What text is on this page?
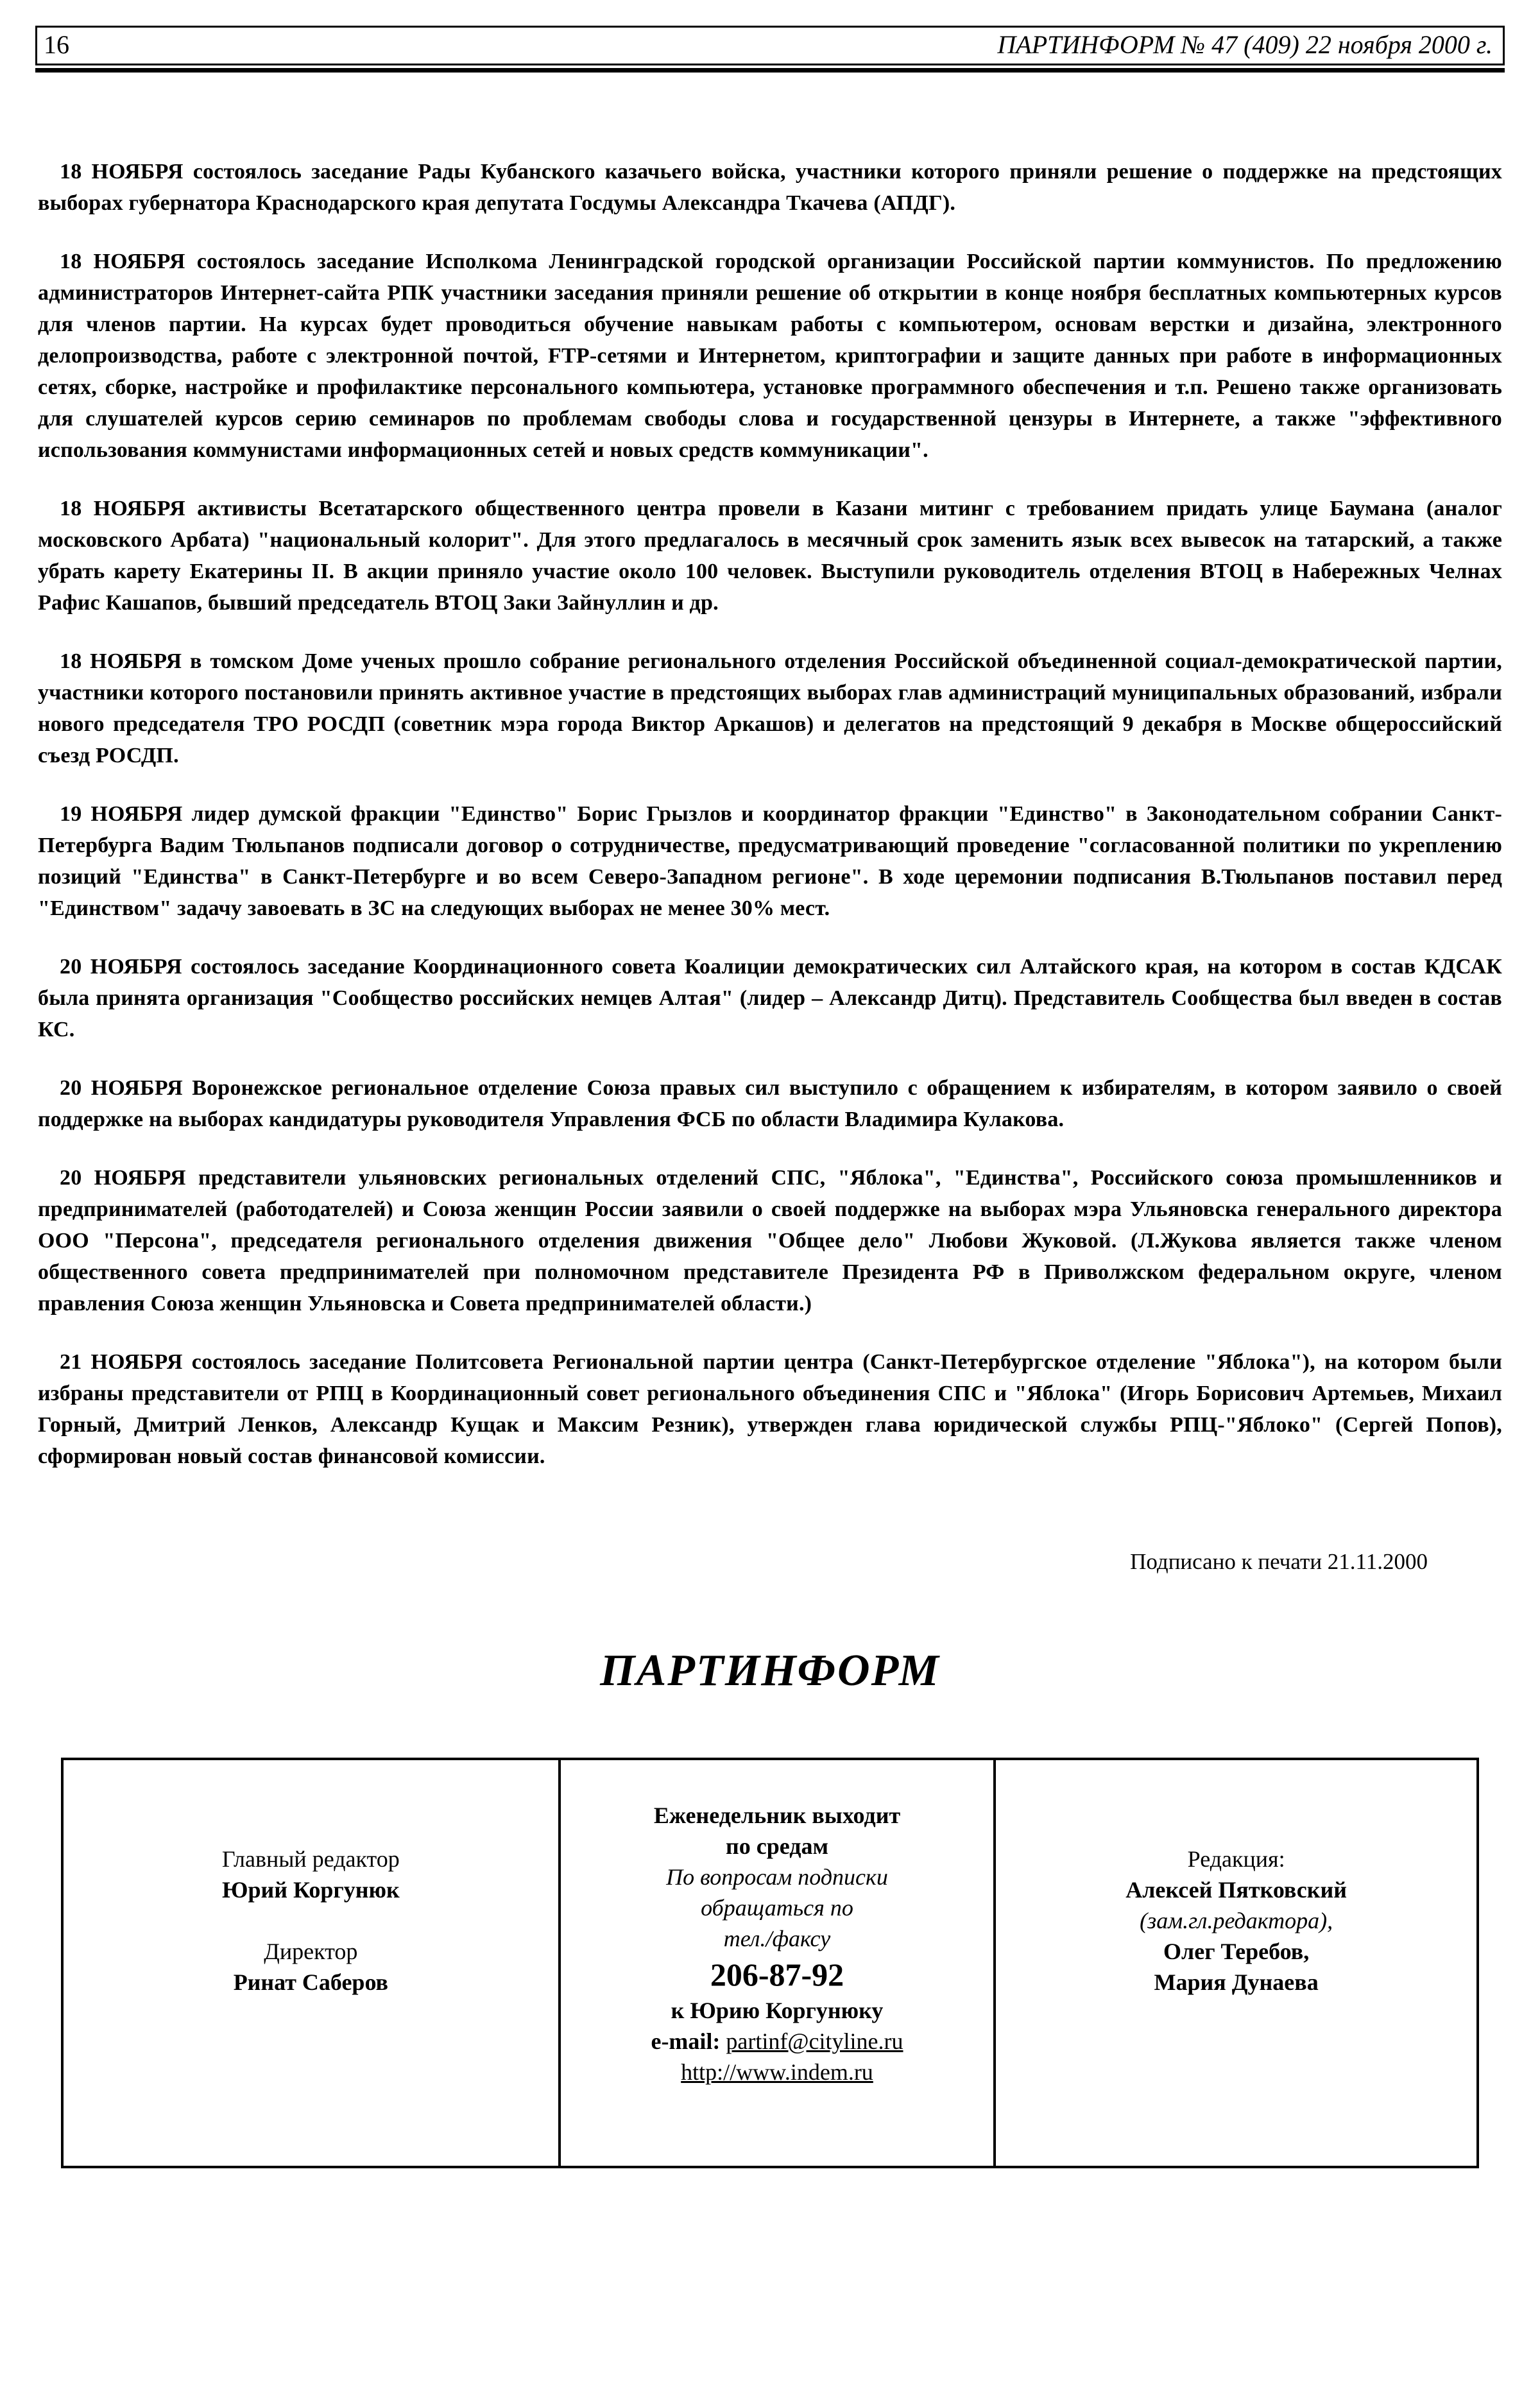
16	ПАРТИНФОРМ № 47 (409) 22 ноября 2000 г.

18 НОЯБРЯ состоялось заседание Рады Кубанского казачьего войска, участники которого приняли решение о поддержке на предстоящих выборах губернатора Краснодарского края депутата Госдумы Александра Ткачева (АПДГ).

18 НОЯБРЯ состоялось заседание Исполкома Ленинградской городской организации Российской партии коммунистов. По предложению администраторов Интернет-сайта РПК участники заседания приняли решение об открытии в конце ноября бесплатных компьютерных курсов для членов партии. На курсах будет проводиться обучение навыкам работы с компьютером, основам верстки и дизайна, электронного делопроизводства, работе с электронной почтой, FTP-сетями и Интернетом, криптографии и защите данных при работе в информационных сетях, сборке, настройке и профилактике персонального компьютера, установке программного обеспечения и т.п. Решено также организовать для слушателей курсов серию семинаров по проблемам свободы слова и государственной цензуры в Интернете, а также "эффективного использования коммунистами информационных сетей и новых средств коммуникации".

18 НОЯБРЯ активисты Всетатарского общественного центра провели в Казани митинг с требованием придать улице Баумана (аналог московского Арбата) "национальный колорит". Для этого предлагалось в месячный срок заменить язык всех вывесок на татарский, а также убрать карету Екатерины II. В акции приняло участие около 100 человек. Выступили руководитель отделения ВТОЦ в Набережных Челнах Рафис Кашапов, бывший председатель ВТОЦ Заки Зайнуллин и др.

18 НОЯБРЯ в томском Доме ученых прошло собрание регионального отделения Российской объединенной социал-демократической партии, участники которого постановили принять активное участие в предстоящих выборах глав администраций муниципальных образований, избрали нового председателя ТРО РОСДП (советник мэра города Виктор Аркашов) и делегатов на предстоящий 9 декабря в Москве общероссийский съезд РОСДП.

19 НОЯБРЯ лидер думской фракции "Единство" Борис Грызлов и координатор фракции "Единство" в Законодательном собрании Санкт-Петербурга Вадим Тюльпанов подписали договор о сотрудничестве, предусматривающий проведение "согласованной политики по укреплению позиций "Единства" в Санкт-Петербурге и во всем Северо-Западном регионе". В ходе церемонии подписания В.Тюльпанов поставил перед "Единством" задачу завоевать в ЗС на следующих выборах не менее 30% мест.

20 НОЯБРЯ состоялось заседание Координационного совета Коалиции демократических сил Алтайского края, на котором в состав КДСАК была принята организация "Сообщество российских немцев Алтая" (лидер – Александр Дитц). Представитель Сообщества был введен в состав КС.

20 НОЯБРЯ Воронежское региональное отделение Союза правых сил выступило с обращением к избирателям, в котором заявило о своей поддержке на выборах кандидатуры руководителя Управления ФСБ по области Владимира Кулакова.

20 НОЯБРЯ представители ульяновских региональных отделений СПС, "Яблока", "Единства", Российского союза промышленников и предпринимателей (работодателей) и Союза женщин России заявили о своей поддержке на выборах мэра Ульяновска генерального директора ООО "Персона", председателя регионального отделения движения "Общее дело" Любови Жуковой. (Л.Жукова является также членом общественного совета предпринимателей при полномочном представителе Президента РФ в Приволжском федеральном округе, членом правления Союза женщин Ульяновска и Совета предпринимателей области.)

21 НОЯБРЯ состоялось заседание Политсовета Региональной партии центра (Санкт-Петербургское отделение "Яблока"), на котором были избраны представители от РПЦ в Координационный совет регионального объединения СПС и "Яблока" (Игорь Борисович Артемьев, Михаил Горный, Дмитрий Ленков, Александр Кущак и Максим Резник), утвержден глава юридической службы РПЦ-"Яблоко" (Сергей Попов), сформирован новый состав финансовой комиссии.

Подписано к печати 21.11.2000
ПАРТИНФОРМ
Главный редактор
Юрий Коргунюк
Директор
Ринат Саберов
Еженедельник выходит
по средам
По вопросам подписки
обращаться по
тел./факсу
206-87-92
к Юрию Коргунюку
e-mail: partinf@cityline.ru
http://www.indem.ru
Редакция:
Алексей Пятковский
(зам.гл.редактора),
Олег Теребов,
Мария Дунаева
